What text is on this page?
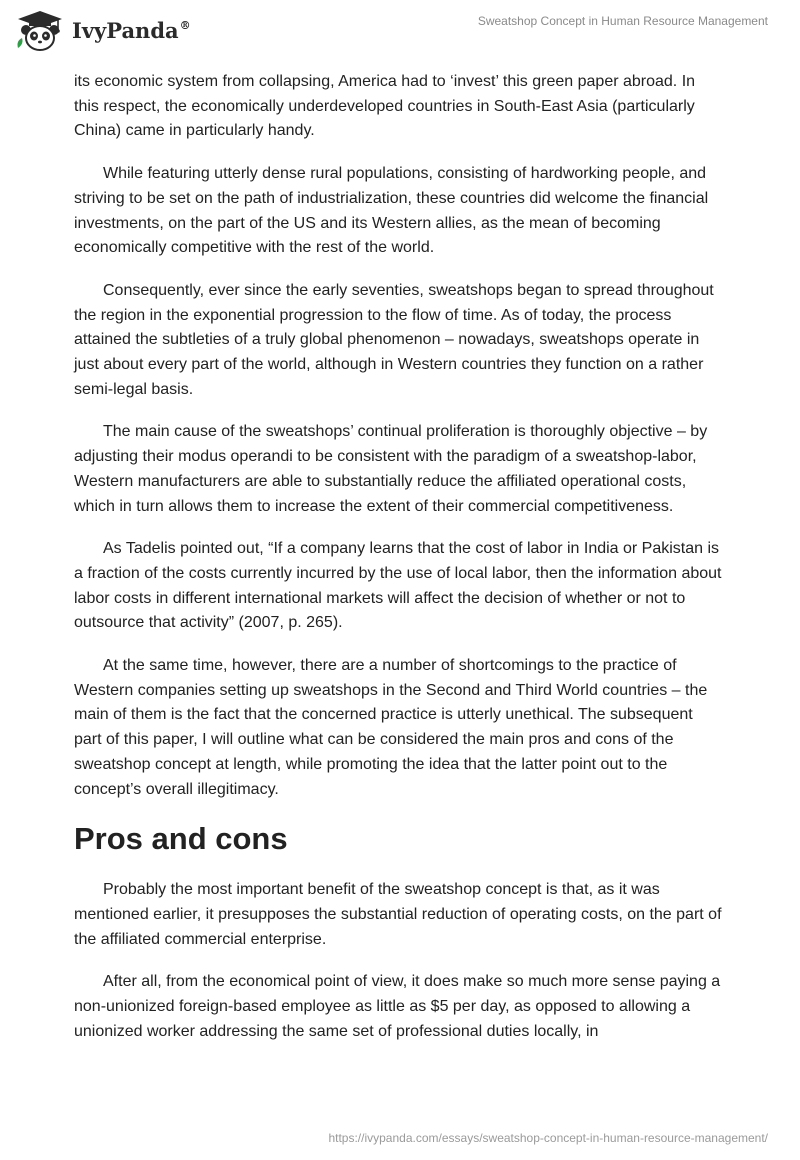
IvyPanda®	Sweatshop Concept in Human Resource Management

its economic system from collapsing, America had to ‘invest’ this green paper abroad. In this respect, the economically underdeveloped countries in South-East Asia (particularly China) came in particularly handy.

While featuring utterly dense rural populations, consisting of hardworking people, and striving to be set on the path of industrialization, these countries did welcome the financial investments, on the part of the US and its Western allies, as the mean of becoming economically competitive with the rest of the world.

Consequently, ever since the early seventies, sweatshops began to spread throughout the region in the exponential progression to the flow of time. As of today, the process attained the subtleties of a truly global phenomenon – nowadays, sweatshops operate in just about every part of the world, although in Western countries they function on a rather semi-legal basis.

The main cause of the sweatshops’ continual proliferation is thoroughly objective – by adjusting their modus operandi to be consistent with the paradigm of a sweatshop-labor, Western manufacturers are able to substantially reduce the affiliated operational costs, which in turn allows them to increase the extent of their commercial competitiveness.

As Tadelis pointed out, “If a company learns that the cost of labor in India or Pakistan is a fraction of the costs currently incurred by the use of local labor, then the information about labor costs in different international markets will affect the decision of whether or not to outsource that activity” (2007, p. 265).

At the same time, however, there are a number of shortcomings to the practice of Western companies setting up sweatshops in the Second and Third World countries – the main of them is the fact that the concerned practice is utterly unethical. The subsequent part of this paper, I will outline what can be considered the main pros and cons of the sweatshop concept at length, while promoting the idea that the latter point out to the concept’s overall illegitimacy.

Pros and cons

Probably the most important benefit of the sweatshop concept is that, as it was mentioned earlier, it presupposes the substantial reduction of operating costs, on the part of the affiliated commercial enterprise.

After all, from the economical point of view, it does make so much more sense paying a non-unionized foreign-based employee as little as $5 per day, as opposed to allowing a unionized worker addressing the same set of professional duties locally, in

https://ivypanda.com/essays/sweatshop-concept-in-human-resource-management/
